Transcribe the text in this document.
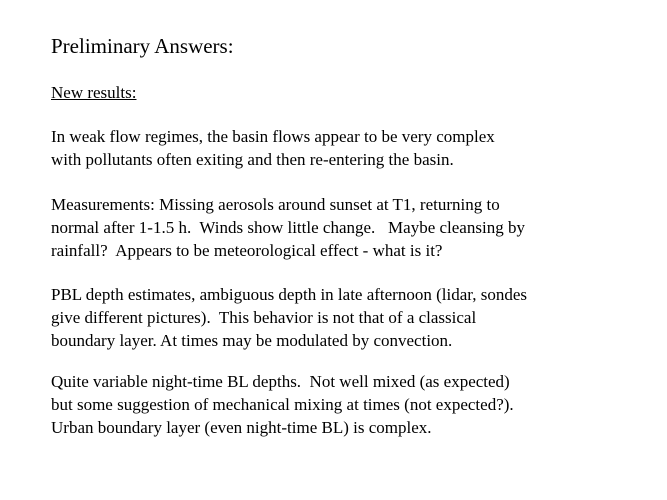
Preliminary Answers:
New results:
In weak flow regimes, the basin flows appear to be very complex
with pollutants often exiting and then re-entering the basin.
Measurements: Missing aerosols around sunset at T1, returning to
normal after 1-1.5 h.  Winds show little change.   Maybe cleansing by
rainfall?  Appears to be meteorological effect - what is it?
PBL depth estimates, ambiguous depth in late afternoon (lidar, sondes
give different pictures).  This behavior is not that of a classical
boundary layer. At times may be modulated by convection.
Quite variable night-time BL depths.  Not well mixed (as expected)
but some suggestion of mechanical mixing at times (not expected?).
Urban boundary layer (even night-time BL) is complex.
